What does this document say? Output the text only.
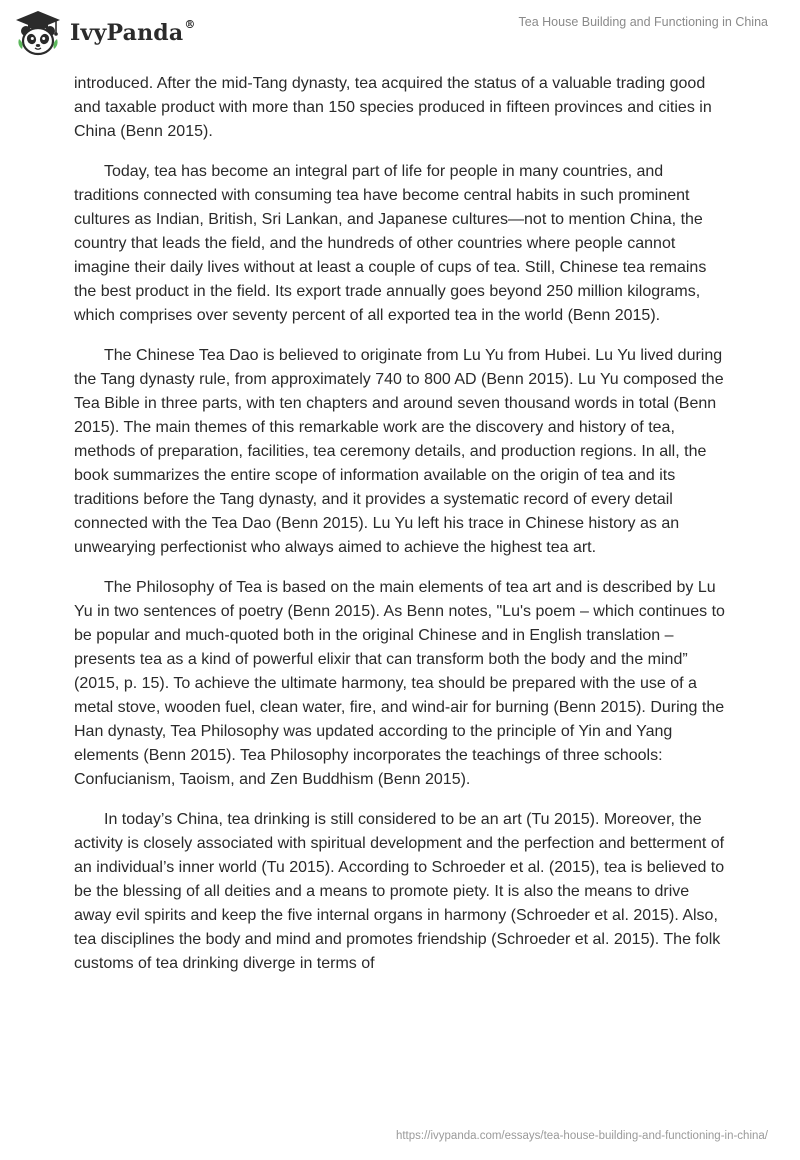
IvyPanda®	Tea House Building and Functioning in China

introduced. After the mid-Tang dynasty, tea acquired the status of a valuable trading good and taxable product with more than 150 species produced in fifteen provinces and cities in China (Benn 2015).

Today, tea has become an integral part of life for people in many countries, and traditions connected with consuming tea have become central habits in such prominent cultures as Indian, British, Sri Lankan, and Japanese cultures—not to mention China, the country that leads the field, and the hundreds of other countries where people cannot imagine their daily lives without at least a couple of cups of tea. Still, Chinese tea remains the best product in the field. Its export trade annually goes beyond 250 million kilograms, which comprises over seventy percent of all exported tea in the world (Benn 2015).

The Chinese Tea Dao is believed to originate from Lu Yu from Hubei. Lu Yu lived during the Tang dynasty rule, from approximately 740 to 800 AD (Benn 2015). Lu Yu composed the Tea Bible in three parts, with ten chapters and around seven thousand words in total (Benn 2015). The main themes of this remarkable work are the discovery and history of tea, methods of preparation, facilities, tea ceremony details, and production regions. In all, the book summarizes the entire scope of information available on the origin of tea and its traditions before the Tang dynasty, and it provides a systematic record of every detail connected with the Tea Dao (Benn 2015). Lu Yu left his trace in Chinese history as an unwearying perfectionist who always aimed to achieve the highest tea art.

The Philosophy of Tea is based on the main elements of tea art and is described by Lu Yu in two sentences of poetry (Benn 2015). As Benn notes, "Lu's poem – which continues to be popular and much-quoted both in the original Chinese and in English translation – presents tea as a kind of powerful elixir that can transform both the body and the mind” (2015, p. 15). To achieve the ultimate harmony, tea should be prepared with the use of a metal stove, wooden fuel, clean water, fire, and wind-air for burning (Benn 2015). During the Han dynasty, Tea Philosophy was updated according to the principle of Yin and Yang elements (Benn 2015). Tea Philosophy incorporates the teachings of three schools: Confucianism, Taoism, and Zen Buddhism (Benn 2015).

In today’s China, tea drinking is still considered to be an art (Tu 2015). Moreover, the activity is closely associated with spiritual development and the perfection and betterment of an individual’s inner world (Tu 2015). According to Schroeder et al. (2015), tea is believed to be the blessing of all deities and a means to promote piety. It is also the means to drive away evil spirits and keep the five internal organs in harmony (Schroeder et al. 2015). Also, tea disciplines the body and mind and promotes friendship (Schroeder et al. 2015). The folk customs of tea drinking diverge in terms of

https://ivypanda.com/essays/tea-house-building-and-functioning-in-china/
